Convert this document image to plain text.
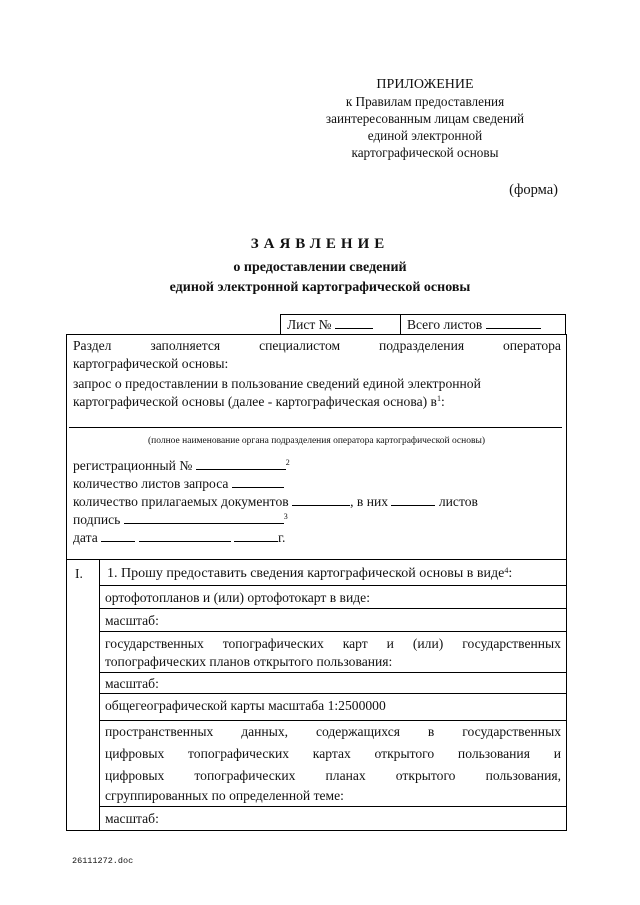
ПРИЛОЖЕНИЕ
к Правилам предоставления
заинтересованным лицам сведений
единой электронной
картографической основы
(форма)
ЗАЯВЛЕНИЕ
о предоставлении сведений
единой электронной картографической основы
Лист №	Всего листов
Раздел	заполняется	специалистом	подразделения	оператора
картографической основы:
запрос о предоставлении в пользование сведений единой электронной
картографической основы (далее - картографическая основа) $в^1$:
(полное наименование органа подразделения оператора картографической основы)
регистрационный №	$^2$
количество листов запроса
количество прилагаемых документов	, в них	листов
подпись	$^3$
дата	г.
I. 1. Прошу предоставить сведения картографической основы в виде$^4$:
ортофотопланов и (или) ортофотокарт в виде:
масштаб:
государственных топографических карт и (или) государственных
топографических планов открытого пользования:
масштаб:
общегеографической карты масштаба 1:2500000
пространственных данных, содержащихся в государственных
цифровых топографических картах открытого пользования и
цифровых топографических планах открытого пользования,
сгруппированных по определенной теме:
масштаб:
26111272.doc
